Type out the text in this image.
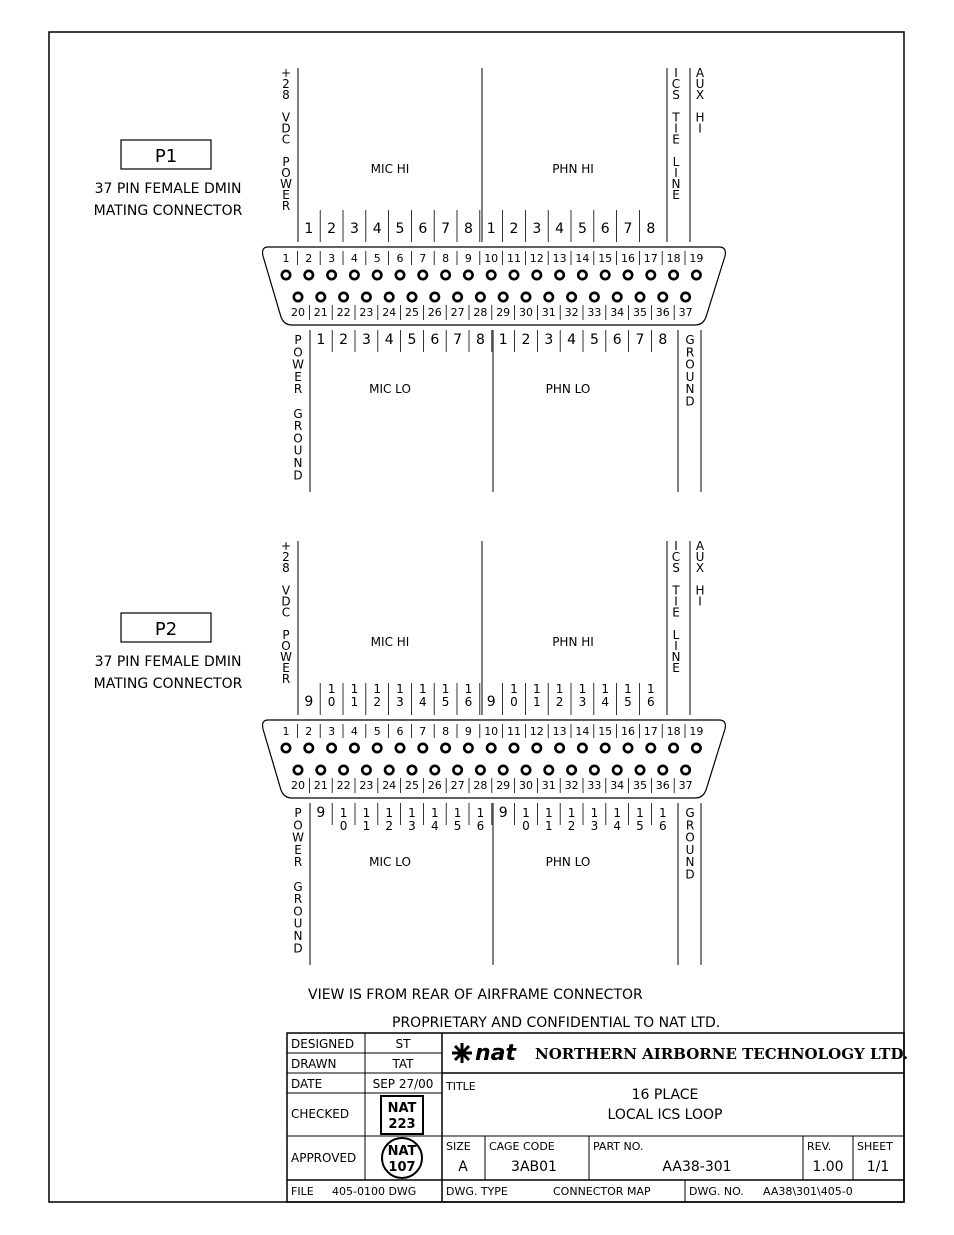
P1
37 PIN FEMALE DMIN
MATING CONNECTOR
1 2 3 4 5 6 7 8 9 10 11 12 13 14 15 16 17 18 19
20 21 22 23 24 25 26 27 28 29 30 31 32 33 34 35 36 37
1 2 3 4 5 6 7 8 1 2 3 4 5 6 7 8
1 2 3 4 5 6 7 8 1 2 3 4 5 6 7 8
MIC HI	PHN HI
MIC LO	PHN LO
+
2
8
V
D
C
P
O
W
E
R
I
C
S
T
I
E
L
I
N
E
A
U
X
H
I
P
O
W
E
R
G
R
O
U
N
D
G
R
O
U
N
D
P2
37 PIN FEMALE DMIN
MATING CONNECTOR
1 2 3 4 5 6 7 8 9 10 11 12 13 14 15 16 17 18 19
20 21 22 23 24 25 26 27 28 29 30 31 32 33 34 35 36 37
9
1
0
1
1
1
2
1
3
1
4
1
5
1
6 9
1
0
1
1
1
2
1
3
1
4
1
5
1
6
9 1
0
1
1
1
2
1
3
1
4
1
5
1
6
9 1
0
1
1
1
2
1
3
1
4
1
5
1
6
MIC HI	PHN HI
MIC LO	PHN LO
+
2
8
V
D
C
P
O
W
E
R
I
C
S
T
I
E
L
I
N
E
A
U
X
H
I
P
O
W
E
R
G
R
O
U
N
D
G
R
O
U
N
D
VIEW IS FROM REAR OF AIRFRAME CONNECTOR
PROPRIETARY AND CONFIDENTIAL TO NAT LTD.
DESIGNED	ST
DRAWN	TAT
DATE	SEP 27/00
CHECKED	NAT
223
APPROVED NAT
107
FILE 405-0100 DWG
nat NORTHERN AIRBORNE TECHNOLOGY LTD.
TITLE
16 PLACE
LOCAL ICS LOOP
SIZE
A
CAGE CODE
3AB01
PART NO.
AA38-301
REV.
1.00
SHEET
1/1
DWG. TYPE	CONNECTOR MAP	DWG. NO. AA38\301\405-0
